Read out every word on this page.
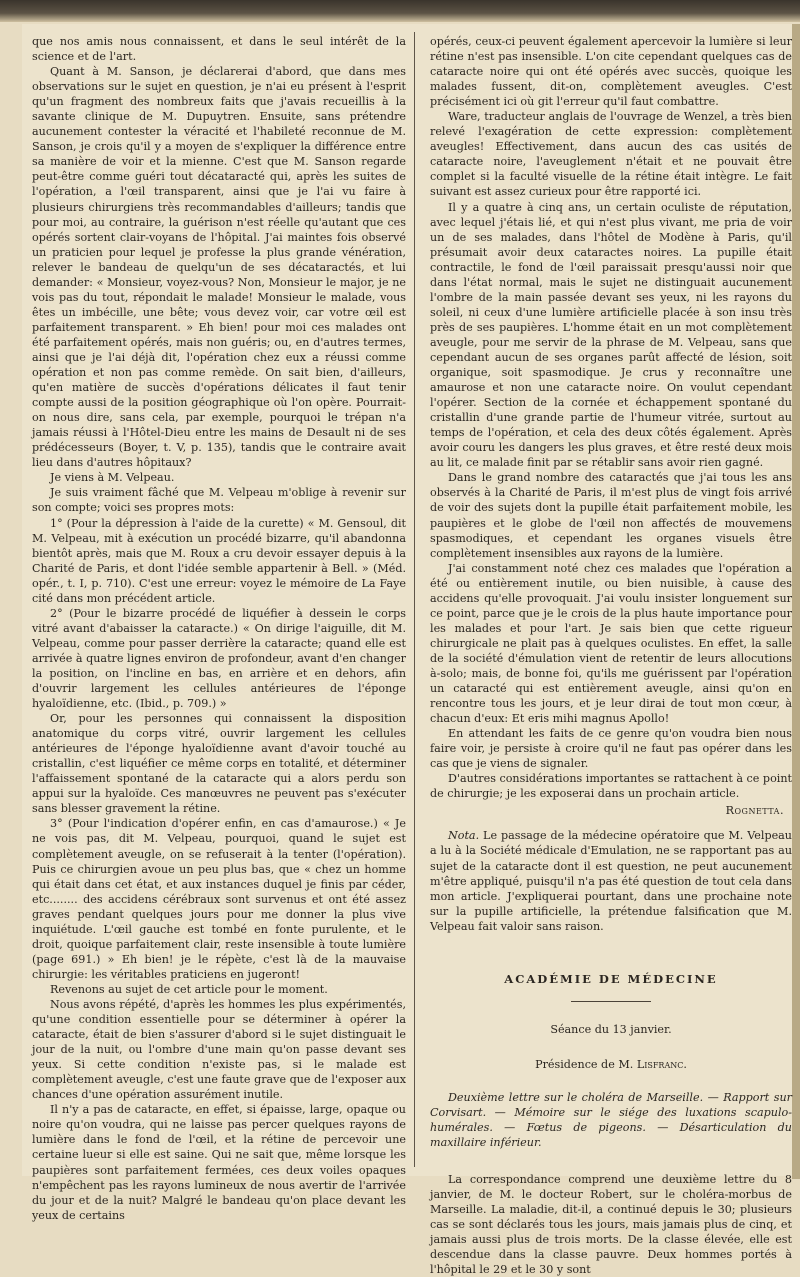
que nos amis nous connaissent, et dans le seul intérêt de la science et de l'art.

Quant à M. Sanson, je déclarerai d'abord, que dans mes observations sur le sujet en question, je n'ai eu présent à l'esprit qu'un fragment des nombreux faits que j'avais recueillis à la savante clinique de M. Dupuytren. Ensuite, sans prétendre aucunement contester la véracité et l'habileté reconnue de M. Sanson, je crois qu'il y a moyen de s'expliquer la différence entre sa manière de voir et la mienne. C'est que M. Sanson regarde peut-être comme guéri tout décataracté qui, après les suites de l'opération, a l'œil transparent, ainsi que je l'ai vu faire à plusieurs chirurgiens très recommandables d'ailleurs; tandis que pour moi, au contraire, la guérison n'est réelle qu'autant que ces opérés sortent clair-voyans de l'hôpital. J'ai maintes fois observé un praticien pour lequel je professe la plus grande vénération, relever le bandeau de quelqu'un de ses décataractés, et lui demander: « Monsieur, voyez-vous? Non, Monsieur le major, je ne vois pas du tout, répondait le malade! Monsieur le malade, vous êtes un imbécille, une bête; vous devez voir, car votre œil est parfaitement transparent. » Eh bien! pour moi ces malades ont été parfaitement opérés, mais non guéris; ou, en d'autres termes, ainsi que je l'ai déjà dit, l'opération chez eux a réussi comme opération et non pas comme remède. On sait bien, d'ailleurs, qu'en matière de succès d'opérations délicates il faut tenir compte aussi de la position géographique où l'on opère. Pourrait-on nous dire, sans cela, par exemple, pourquoi le trépan n'a jamais réussi à l'Hôtel-Dieu entre les mains de Desault ni de ses prédécesseurs (Boyer, t. V, p. 135), tandis que le contraire avait lieu dans d'autres hôpitaux?

Je viens à M. Velpeau.

Je suis vraiment fâché que M. Velpeau m'oblige à revenir sur son compte; voici ses propres mots:

1° (Pour la dépression à l'aide de la curette) « M. Gensoul, dit M. Velpeau, mit à exécution un procédé bizarre, qu'il abandonna bientôt après, mais que M. Roux a cru devoir essayer depuis à la Charité de Paris, et dont l'idée semble appartenir à Bell. » (Méd. opér., t. I, p. 710). C'est une erreur: voyez le mémoire de La Faye cité dans mon précédent article.

2° (Pour le bizarre procédé de liquéfier à dessein le corps vitré avant d'abaisser la cataracte.) « On dirige l'aiguille, dit M. Velpeau, comme pour passer derrière la cataracte; quand elle est arrivée à quatre lignes environ de profondeur, avant d'en changer la position, on l'incline en bas, en arrière et en dehors, afin d'ouvrir largement les cellules antérieures de l'éponge hyaloïdienne, etc. (Ibid., p. 709.) »

Or, pour les personnes qui connaissent la disposition anatomique du corps vitré, ouvrir largement les cellules antérieures de l'éponge hyaloïdienne avant d'avoir touché au cristallin, c'est liquéfier ce même corps en totalité, et déterminer l'affaissement spontané de la cataracte qui a alors perdu son appui sur la hyaloïde. Ces manœuvres ne peuvent pas s'exécuter sans blesser gravement la rétine.

3° (Pour l'indication d'opérer enfin, en cas d'amaurose.) « Je ne vois pas, dit M. Velpeau, pourquoi, quand le sujet est complètement aveugle, on se refuserait à la tenter (l'opération). Puis ce chirurgien avoue un peu plus bas, que « chez un homme qui était dans cet état, et aux instances duquel je finis par céder, etc........ des accidens cérébraux sont survenus et ont été assez graves pendant quelques jours pour me donner la plus vive inquiétude. L'œil gauche est tombé en fonte purulente, et le droit, quoique parfaitement clair, reste insensible à toute lumière (page 691.) » Eh bien! je le répète, c'est là de la mauvaise chirurgie: les véritables praticiens en jugeront!

Revenons au sujet de cet article pour le moment.

Nous avons répété, d'après les hommes les plus expérimentés, qu'une condition essentielle pour se déterminer à opérer la cataracte, était de bien s'assurer d'abord si le sujet distinguait le jour de la nuit, ou l'ombre d'une main qu'on passe devant ses yeux. Si cette condition n'existe pas, si le malade est complètement aveugle, c'est une faute grave que de l'exposer aux chances d'une opération assurément inutile.

Il n'y a pas de cataracte, en effet, si épaisse, large, opaque ou noire qu'on voudra, qui ne laisse pas percer quelques rayons de lumière dans le fond de l'œil, et la rétine de percevoir une certaine lueur si elle est saine. Qui ne sait que, même lorsque les paupières sont parfaitement fermées, ces deux voiles opaques n'empêchent pas les rayons lumineux de nous avertir de l'arrivée du jour et de la nuit? Malgré le bandeau qu'on place devant les yeux de certains

opérés, ceux-ci peuvent également apercevoir la lumière si leur rétine n'est pas insensible. L'on cite cependant quelques cas de cataracte noire qui ont été opérés avec succès, quoique les malades fussent, dit-on, complètement aveugles. C'est précisément ici où git l'erreur qu'il faut combattre.

Ware, traducteur anglais de l'ouvrage de Wenzel, a très bien relevé l'exagération de cette expression: complètement aveugles! Effectivement, dans aucun des cas usités de cataracte noire, l'aveuglement n'était et ne pouvait être complet si la faculté visuelle de la rétine était intègre. Le fait suivant est assez curieux pour être rapporté ici.

Il y a quatre à cinq ans, un certain oculiste de réputation, avec lequel j'étais lié, et qui n'est plus vivant, me pria de voir un de ses malades, dans l'hôtel de Modène à Paris, qu'il présumait avoir deux cataractes noires. La pupille était contractile, le fond de l'œil paraissait presqu'aussi noir que dans l'état normal, mais le sujet ne distinguait aucunement l'ombre de la main passée devant ses yeux, ni les rayons du soleil, ni ceux d'une lumière artificielle placée à son insu très près de ses paupières. L'homme était en un mot complètement aveugle, pour me servir de la phrase de M. Velpeau, sans que cependant aucun de ses organes parût affecté de lésion, soit organique, soit spasmodique. Je crus y reconnaître une amaurose et non une cataracte noire. On voulut cependant l'opérer. Section de la cornée et échappement spontané du cristallin d'une grande partie de l'humeur vitrée, surtout au temps de l'opération, et cela des deux côtés également. Après avoir couru les dangers les plus graves, et être resté deux mois au lit, ce malade finit par se rétablir sans avoir rien gagné.

Dans le grand nombre des cataractés que j'ai tous les ans observés à la Charité de Paris, il m'est plus de vingt fois arrivé de voir des sujets dont la pupille était parfaitement mobile, les paupières et le globe de l'œil non affectés de mouvemens spasmodiques, et cependant les organes visuels être complètement insensibles aux rayons de la lumière.

J'ai constamment noté chez ces malades que l'opération a été ou entièrement inutile, ou bien nuisible, à cause des accidens qu'elle provoquait. J'ai voulu insister longuement sur ce point, parce que je le crois de la plus haute importance pour les malades et pour l'art. Je sais bien que cette rigueur chirurgicale ne plait pas à quelques oculistes. En effet, la salle de la société d'émulation vient de retentir de leurs allocutions à-solo; mais, de bonne foi, qu'ils me guérissent par l'opération un cataracté qui est entièrement aveugle, ainsi qu'on en rencontre tous les jours, et je leur dirai de tout mon cœur, à chacun d'eux: Et eris mihi magnus Apollo!

En attendant les faits de ce genre qu'on voudra bien nous faire voir, je persiste à croire qu'il ne faut pas opérer dans les cas que je viens de signaler.

D'autres considérations importantes se rattachent à ce point de chirurgie; je les exposerai dans un prochain article.

Rognetta.

Nota. Le passage de la médecine opératoire que M. Velpeau a lu à la Société médicale d'Emulation, ne se rapportant pas au sujet de la cataracte dont il est question, ne peut aucunement m'être appliqué, puisqu'il n'a pas été question de tout cela dans mon article. J'expliquerai pourtant, dans une prochaine note sur la pupille artificielle, la prétendue falsification que M. Velpeau fait valoir sans raison.

ACADÉMIE DE MÉDECINE

Séance du 13 janvier.

Présidence de M. Lisfranc.

Deuxième lettre sur le choléra de Marseille. — Rapport sur Corvisart. — Mémoire sur le siége des luxations scapulo-humérales. — Fœtus de pigeons. — Désarticulation du maxillaire inférieur.

La correspondance comprend une deuxième lettre du 8 janvier, de M. le docteur Robert, sur le choléra-morbus de Marseille. La maladie, dit-il, a continué depuis le 30; plusieurs cas se sont déclarés tous les jours, mais jamais plus de cinq, et jamais aussi plus de trois morts. De la classe élevée, elle est descendue dans la classe pauvre. Deux hommes portés à l'hôpital le 29 et le 30 y sont
